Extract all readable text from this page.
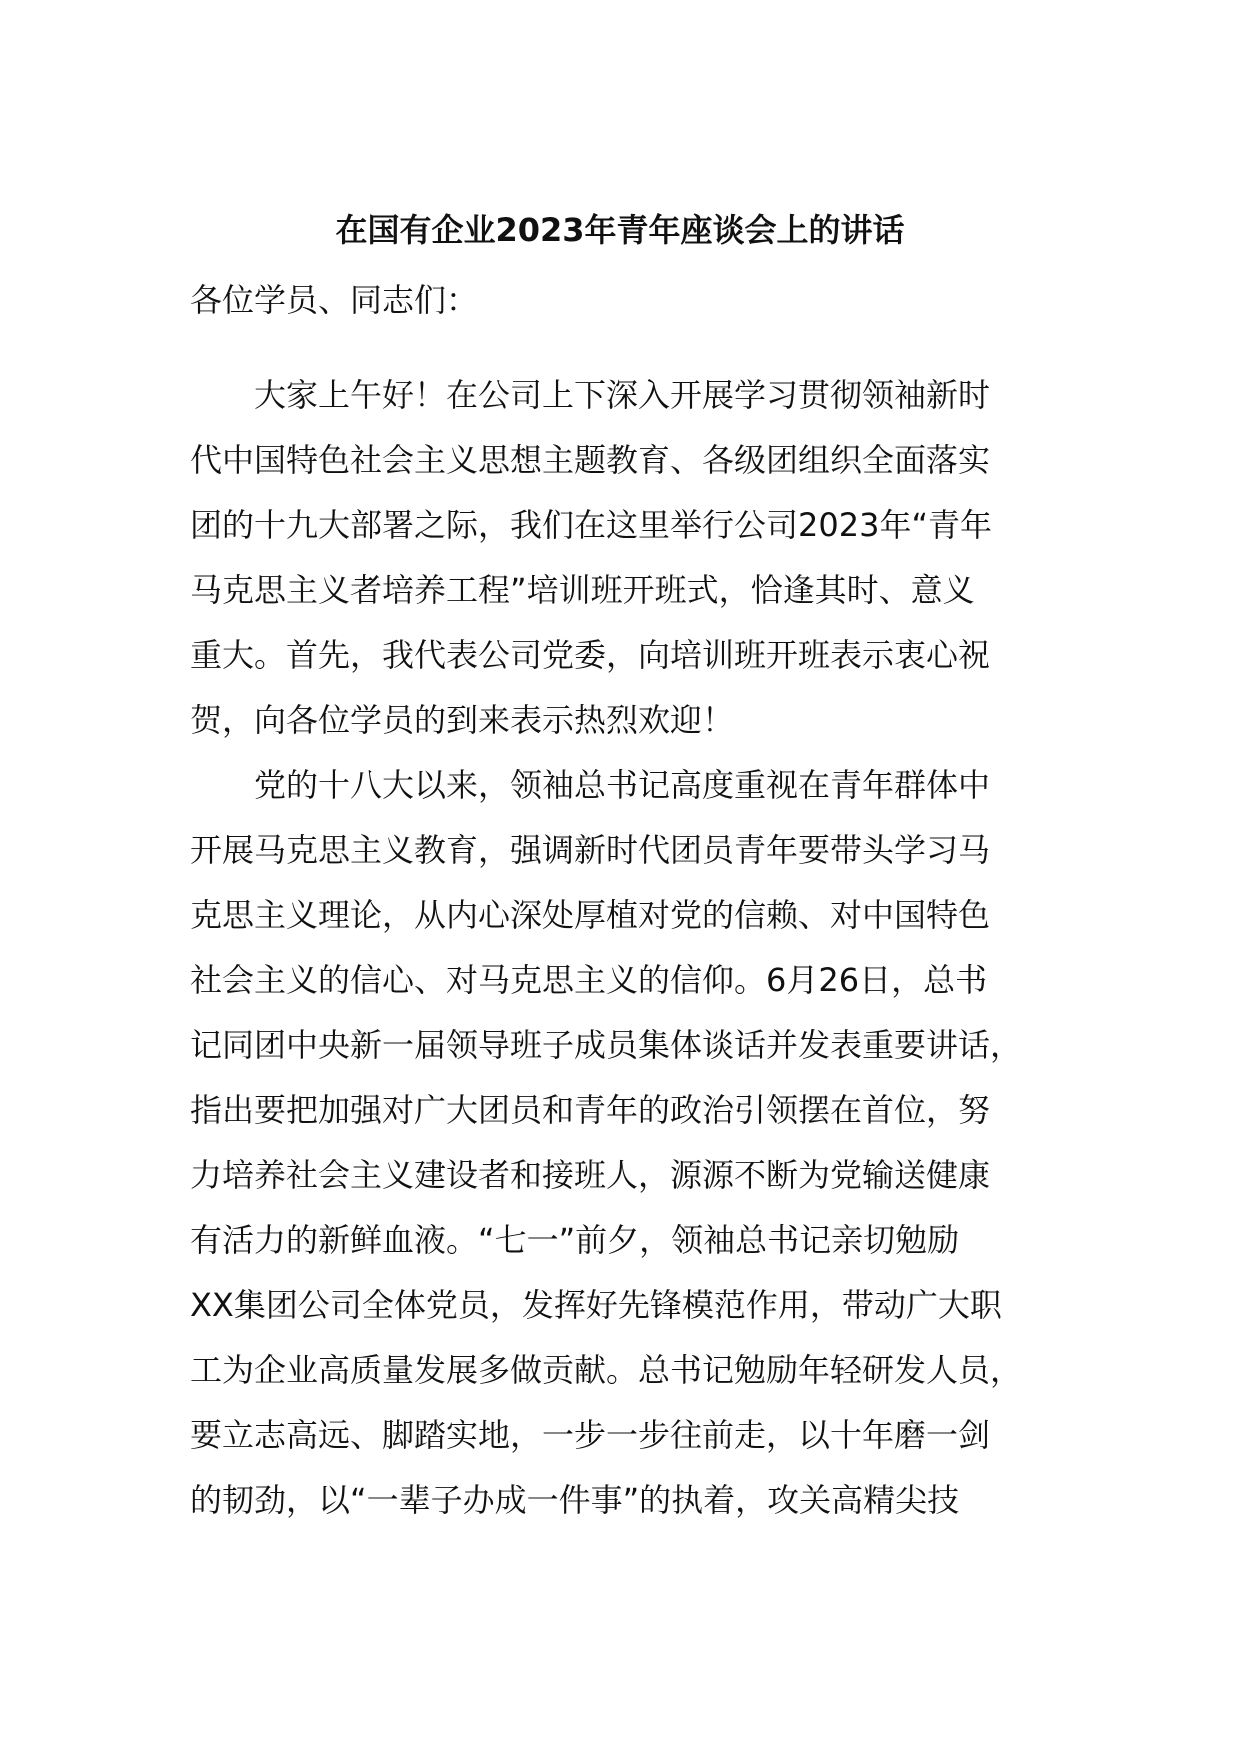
在国有企业2023年青年座谈会上的讲话

各位学员、同志们：

大家上午好！在公司上下深入开展学习贯彻领袖新时
代中国特色社会主义思想主题教育、各级团组织全面落实
团的十九大部署之际，我们在这里举行公司2023年“青年
马克思主义者培养工程”培训班开班式，恰逢其时、意义
重大。首先，我代表公司党委，向培训班开班表示衷心祝
贺，向各位学员的到来表示热烈欢迎！
党的十八大以来，领袖总书记高度重视在青年群体中
开展马克思主义教育，强调新时代团员青年要带头学习马
克思主义理论，从内心深处厚植对党的信赖、对中国特色
社会主义的信心、对马克思主义的信仰。6月26日，总书
记同团中央新一届领导班子成员集体谈话并发表重要讲话，
指出要把加强对广大团员和青年的政治引领摆在首位，努
力培养社会主义建设者和接班人，源源不断为党输送健康
有活力的新鲜血液。“七一”前夕，领袖总书记亲切勉励
XX集团公司全体党员，发挥好先锋模范作用，带动广大职
工为企业高质量发展多做贡献。总书记勉励年轻研发人员，
要立志高远、脚踏实地，一步一步往前走，以十年磨一剑
的韧劲，以“一辈子办成一件事”的执着，攻关高精尖技
